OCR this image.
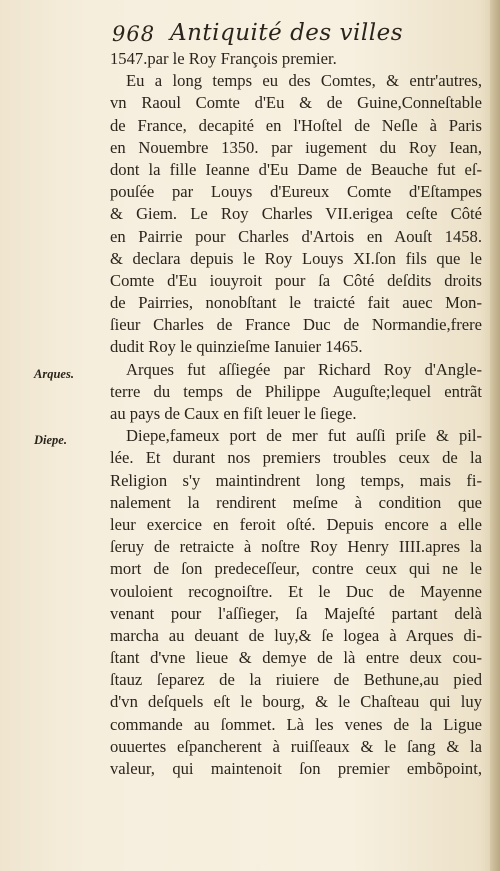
968 Antiquité des villes
Arques.
Diepe.
1547.par le Roy François premier.
Eu a long temps eu des Comtes, & entr'autres,
vn Raoul Comte d'Eu & de Guine,Conneſtable
de France, decapité en l'Hoſtel de Neſle à Paris
en Nouembre 1350. par iugement du Roy Iean,
dont la fille Ieanne d'Eu Dame de Beauche fut eſ-
pouſée par Louys d'Eureux Comte d'Eſtampes
& Giem. Le Roy Charles VII.erigea ceſte Côté
en Pairrie pour Charles d'Artois en Aouſt 1458.
& declara depuis le Roy Louys XI.ſon fils que le
Comte d'Eu iouyroit pour ſa Côté deſdits droits
de Pairries, nonobſtant le traicté fait auec Mon-
ſieur Charles de France Duc de Normandie,frere
dudit Roy le quinzieſme Ianuier 1465.
Arques fut aſſiegée par Richard Roy d'Angle-
terre du temps de Philippe Auguſte;lequel entrãt
au pays de Caux en fiſt leuer le ſiege.
Diepe,fameux port de mer fut auſſi priſe & pil-
lée. Et durant nos premiers troubles ceux de la
Religion s'y maintindrent long temps, mais fi-
nalement la rendirent meſme à condition que
leur exercice en feroit oſté. Depuis encore a elle
ſeruy de retraicte à noſtre Roy Henry IIII.apres la
mort de ſon predeceſſeur, contre ceux qui ne le
vouloient recognoiſtre. Et le Duc de Mayenne
venant pour l'aſſieger, ſa Majeſté partant delà
marcha au deuant de luy,& ſe logea à Arques di-
ſtant d'vne lieue & demye de là entre deux cou-
ſtauz ſeparez de la riuiere de Bethune,au pied
d'vn deſquels eſt le bourg, & le Chaſteau qui luy
commande au ſommet. Là les venes de la Ligue
ouuertes eſpancherent à ruiſſeaux & le ſang & la
valeur, qui maintenoit ſon premier embõpoint,
